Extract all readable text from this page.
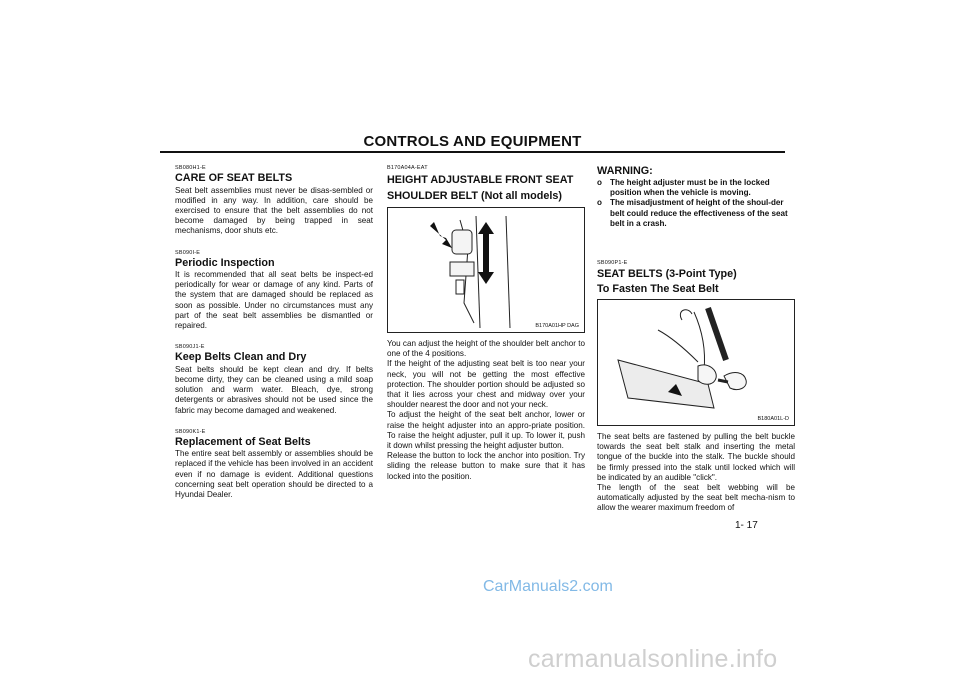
CONTROLS AND EQUIPMENT
SB080H1-E
CARE OF SEAT BELTS

Seat belt assemblies must never be disas-sembled or modified in any way. In addition, care should be exercised to ensure that the belt assemblies do not become damaged by being trapped in seat mechanisms, door shuts etc.

SB090I-E
Periodic Inspection

It is recommended that all seat belts be inspect-ed periodically for wear or damage of any kind. Parts of the system that are damaged should be replaced as soon as possible. Under no circumstances must any part of the seat belt assemblies be dismantled or repaired.

SB090J1-E
Keep Belts Clean and Dry

Seat belts should be kept clean and dry. If belts become dirty, they can be cleaned using a mild soap solution and warm water. Bleach, dye, strong detergents or abrasives should not be used since the fabric may become damaged and weakened.

SB090K1-E
Replacement of Seat Belts

The entire seat belt assembly or assemblies should be replaced if the vehicle has been involved in an accident even if no damage is evident. Additional questions concerning seat belt operation should be directed to a Hyundai Dealer.

B170A04A-EAT
HEIGHT ADJUSTABLE FRONT SEAT SHOULDER BELT (Not all models)
B170A01HP DAG

You can adjust the height of the shoulder belt anchor to one of the 4 positions.
If the height of the adjusting seat belt is too near your neck, you will not be getting the most effective protection. The shoulder portion should be adjusted so that it lies across your chest and midway over your shoulder nearest the door and not your neck.
To adjust the height of the seat belt anchor, lower or raise the height adjuster into an appro-priate position. To raise the height adjuster, pull it up. To lower it, push it down whilst pressing the height adjuster button.
Release the button to lock the anchor into position. Try sliding the release button to make sure that it has locked into the position.

WARNING:
o The height adjuster must be in the locked position when the vehicle is moving.
o The misadjustment of height of the shoul-der belt could reduce the effectiveness of the seat belt in a crash.
SB090P1-E
SEAT BELTS (3-Point Type)
To Fasten The Seat Belt
B180A01L-D

The seat belts are fastened by pulling the belt buckle towards the seat belt stalk and inserting the metal tongue of the buckle into the stalk. The buckle should be firmly pressed into the stalk until locked which will be indicated by an audible "click".
The length of the seat belt webbing will be automatically adjusted by the seat belt mecha-nism to allow the wearer maximum freedom of

1- 17
CarManuals2.com
carmanualsonline.info
